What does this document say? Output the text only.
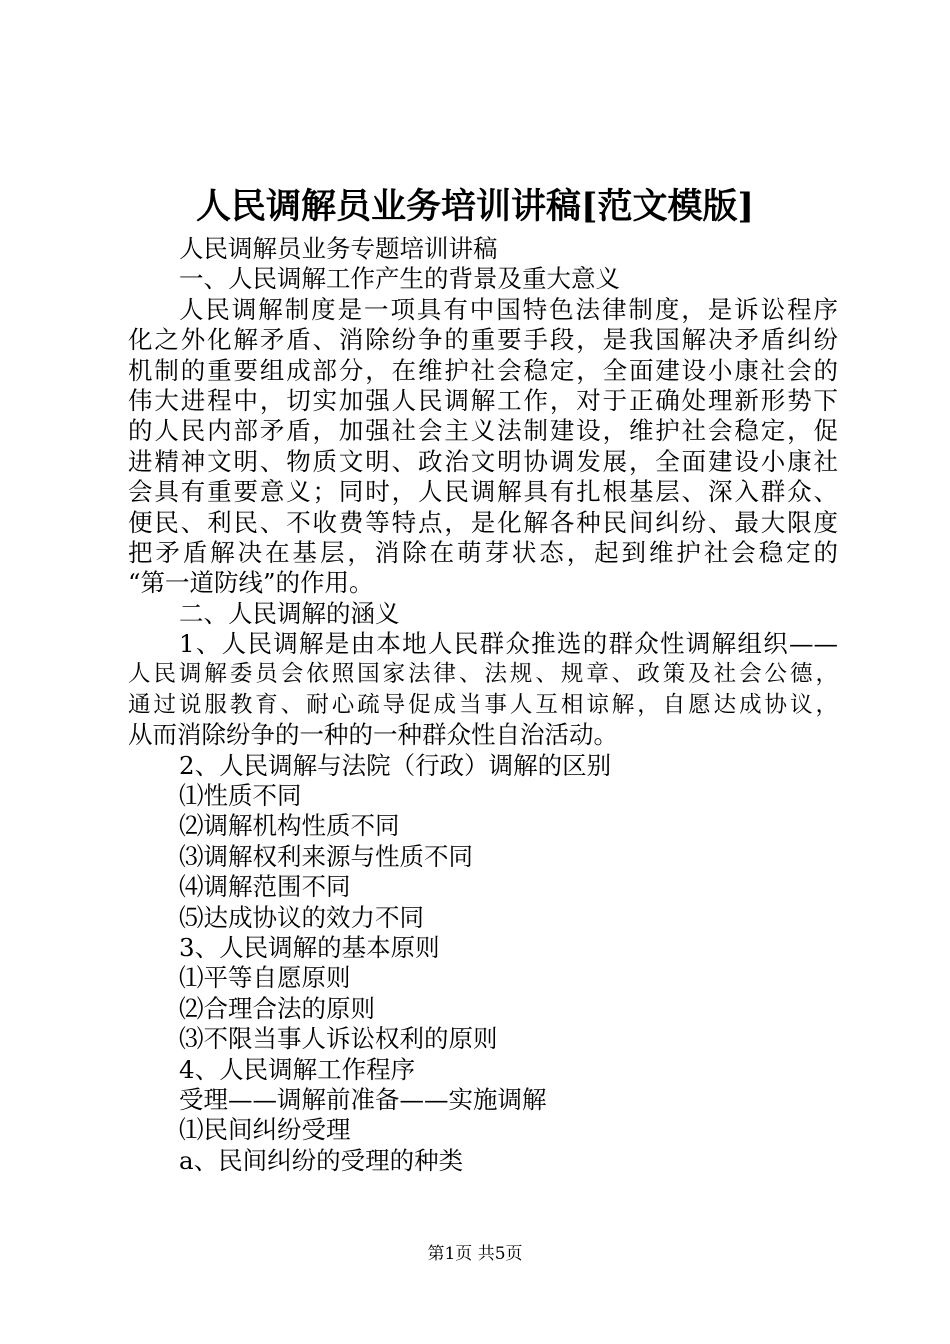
人民调解员业务培训讲稿[范文模版]
人民调解员业务专题培训讲稿
一、人民调解工作产生的背景及重大意义
人民调解制度是一项具有中国特色法律制度，是诉讼程序
化之外化解矛盾、消除纷争的重要手段，是我国解决矛盾纠纷
机制的重要组成部分，在维护社会稳定，全面建设小康社会的
伟大进程中，切实加强人民调解工作，对于正确处理新形势下
的人民内部矛盾，加强社会主义法制建设，维护社会稳定，促
进精神文明、物质文明、政治文明协调发展，全面建设小康社
会具有重要意义；同时，人民调解具有扎根基层、深入群众、
便民、利民、不收费等特点，是化解各种民间纠纷、最大限度
把矛盾解决在基层，消除在萌芽状态，起到维护社会稳定的
“第一道防线”的作用。
二、人民调解的涵义
1、人民调解是由本地人民群众推选的群众性调解组织——
人民调解委员会依照国家法律、法规、规章、政策及社会公德，
通过说服教育、耐心疏导促成当事人互相谅解，自愿达成协议，
从而消除纷争的一种的一种群众性自治活动。
2、人民调解与法院（行政）调解的区别
⑴性质不同
⑵调解机构性质不同
⑶调解权利来源与性质不同
⑷调解范围不同
⑸达成协议的效力不同
3、人民调解的基本原则
⑴平等自愿原则
⑵合理合法的原则
⑶不限当事人诉讼权利的原则
4、人民调解工作程序
受理——调解前准备——实施调解
⑴民间纠纷受理
a、民间纠纷的受理的种类
第1页 共5页
